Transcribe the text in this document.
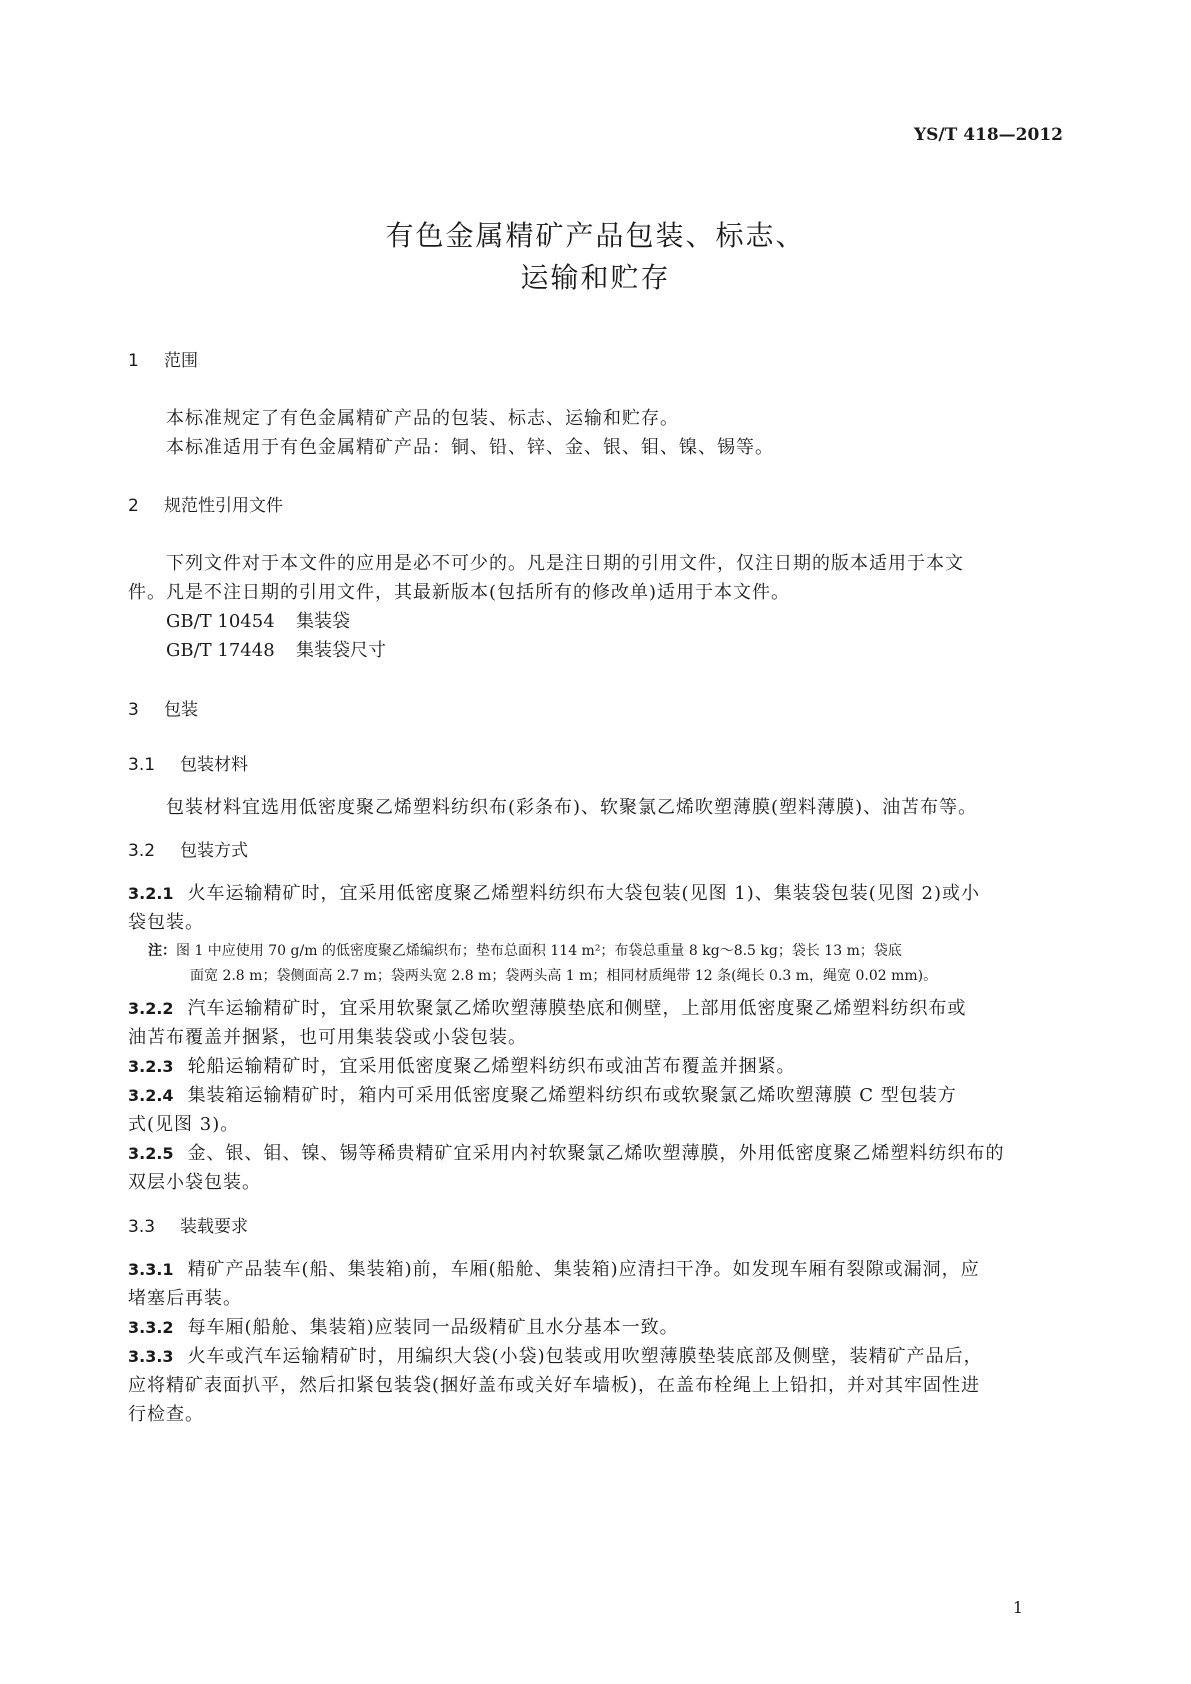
YS/T 418—2012
有色金属精矿产品包装、标志、
运输和贮存
1 范围
本标准规定了有色金属精矿产品的包装、标志、运输和贮存。
本标准适用于有色金属精矿产品：铜、铅、锌、金、银、钼、镍、锡等。
2 规范性引用文件
下列文件对于本文件的应用是必不可少的。凡是注日期的引用文件，仅注日期的版本适用于本文
件。凡是不注日期的引用文件，其最新版本(包括所有的修改单)适用于本文件。
GB/T 10454 集装袋
GB/T 17448 集装袋尺寸
3 包装
3.1 包装材料
包装材料宜选用低密度聚乙烯塑料纺织布(彩条布)、软聚氯乙烯吹塑薄膜(塑料薄膜)、油苫布等。
3.2 包装方式
3.2.1 火车运输精矿时，宜采用低密度聚乙烯塑料纺织布大袋包装(见图 1)、集装袋包装(见图 2)或小
袋包装。
注：图 1 中应使用 70 g/m 的低密度聚乙烯编织布；垫布总面积 114 m²；布袋总重量 8 kg～8.5 kg；袋长 13 m；袋底
面宽 2.8 m；袋侧面高 2.7 m；袋两头宽 2.8 m；袋两头高 1 m；相同材质绳带 12 条(绳长 0.3 m，绳宽 0.02 mm)。
3.2.2 汽车运输精矿时，宜采用软聚氯乙烯吹塑薄膜垫底和侧壁，上部用低密度聚乙烯塑料纺织布或
油苫布覆盖并捆紧，也可用集装袋或小袋包装。
3.2.3 轮船运输精矿时，宜采用低密度聚乙烯塑料纺织布或油苫布覆盖并捆紧。
3.2.4 集装箱运输精矿时，箱内可采用低密度聚乙烯塑料纺织布或软聚氯乙烯吹塑薄膜 C 型包装方
式(见图 3)。
3.2.5 金、银、钼、镍、锡等稀贵精矿宜采用内衬软聚氯乙烯吹塑薄膜，外用低密度聚乙烯塑料纺织布的
双层小袋包装。
3.3 装载要求
3.3.1 精矿产品装车(船、集装箱)前，车厢(船舱、集装箱)应清扫干净。如发现车厢有裂隙或漏洞，应
堵塞后再装。
3.3.2 每车厢(船舱、集装箱)应装同一品级精矿且水分基本一致。
3.3.3 火车或汽车运输精矿时，用编织大袋(小袋)包装或用吹塑薄膜垫装底部及侧壁，装精矿产品后，
应将精矿表面扒平，然后扣紧包装袋(捆好盖布或关好车墙板)，在盖布栓绳上上铅扣，并对其牢固性进
行检查。
1
